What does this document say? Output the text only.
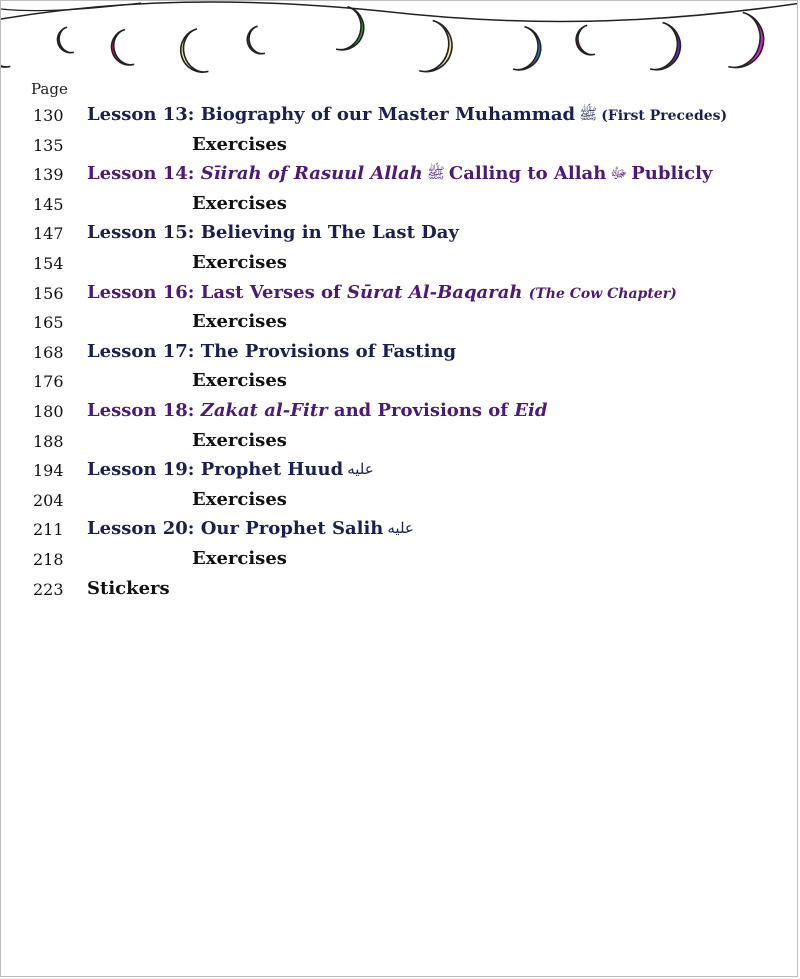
Page
130 Lesson 13: Biography of our Master Muhammad ﷺ (First Precedes)
135	Exercises
139 Lesson 14: Sīirah of Rasuul Allah ﷺ Calling to Allah ﷻ Publicly
145	Exercises
147 Lesson 15: Believing in The Last Day
154	Exercises
156 Lesson 16: Last Verses of Sūrat Al-Baqarah (The Cow Chapter)
165	Exercises
168 Lesson 17: The Provisions of Fasting
176	Exercises
180 Lesson 18: Zakat al-Fitr and Provisions of Eid
188	Exercises
194 Lesson 19: Prophet Huud عليه
204	Exercises
211 Lesson 20: Our Prophet Salih عليه
218	Exercises
223 Stickers
